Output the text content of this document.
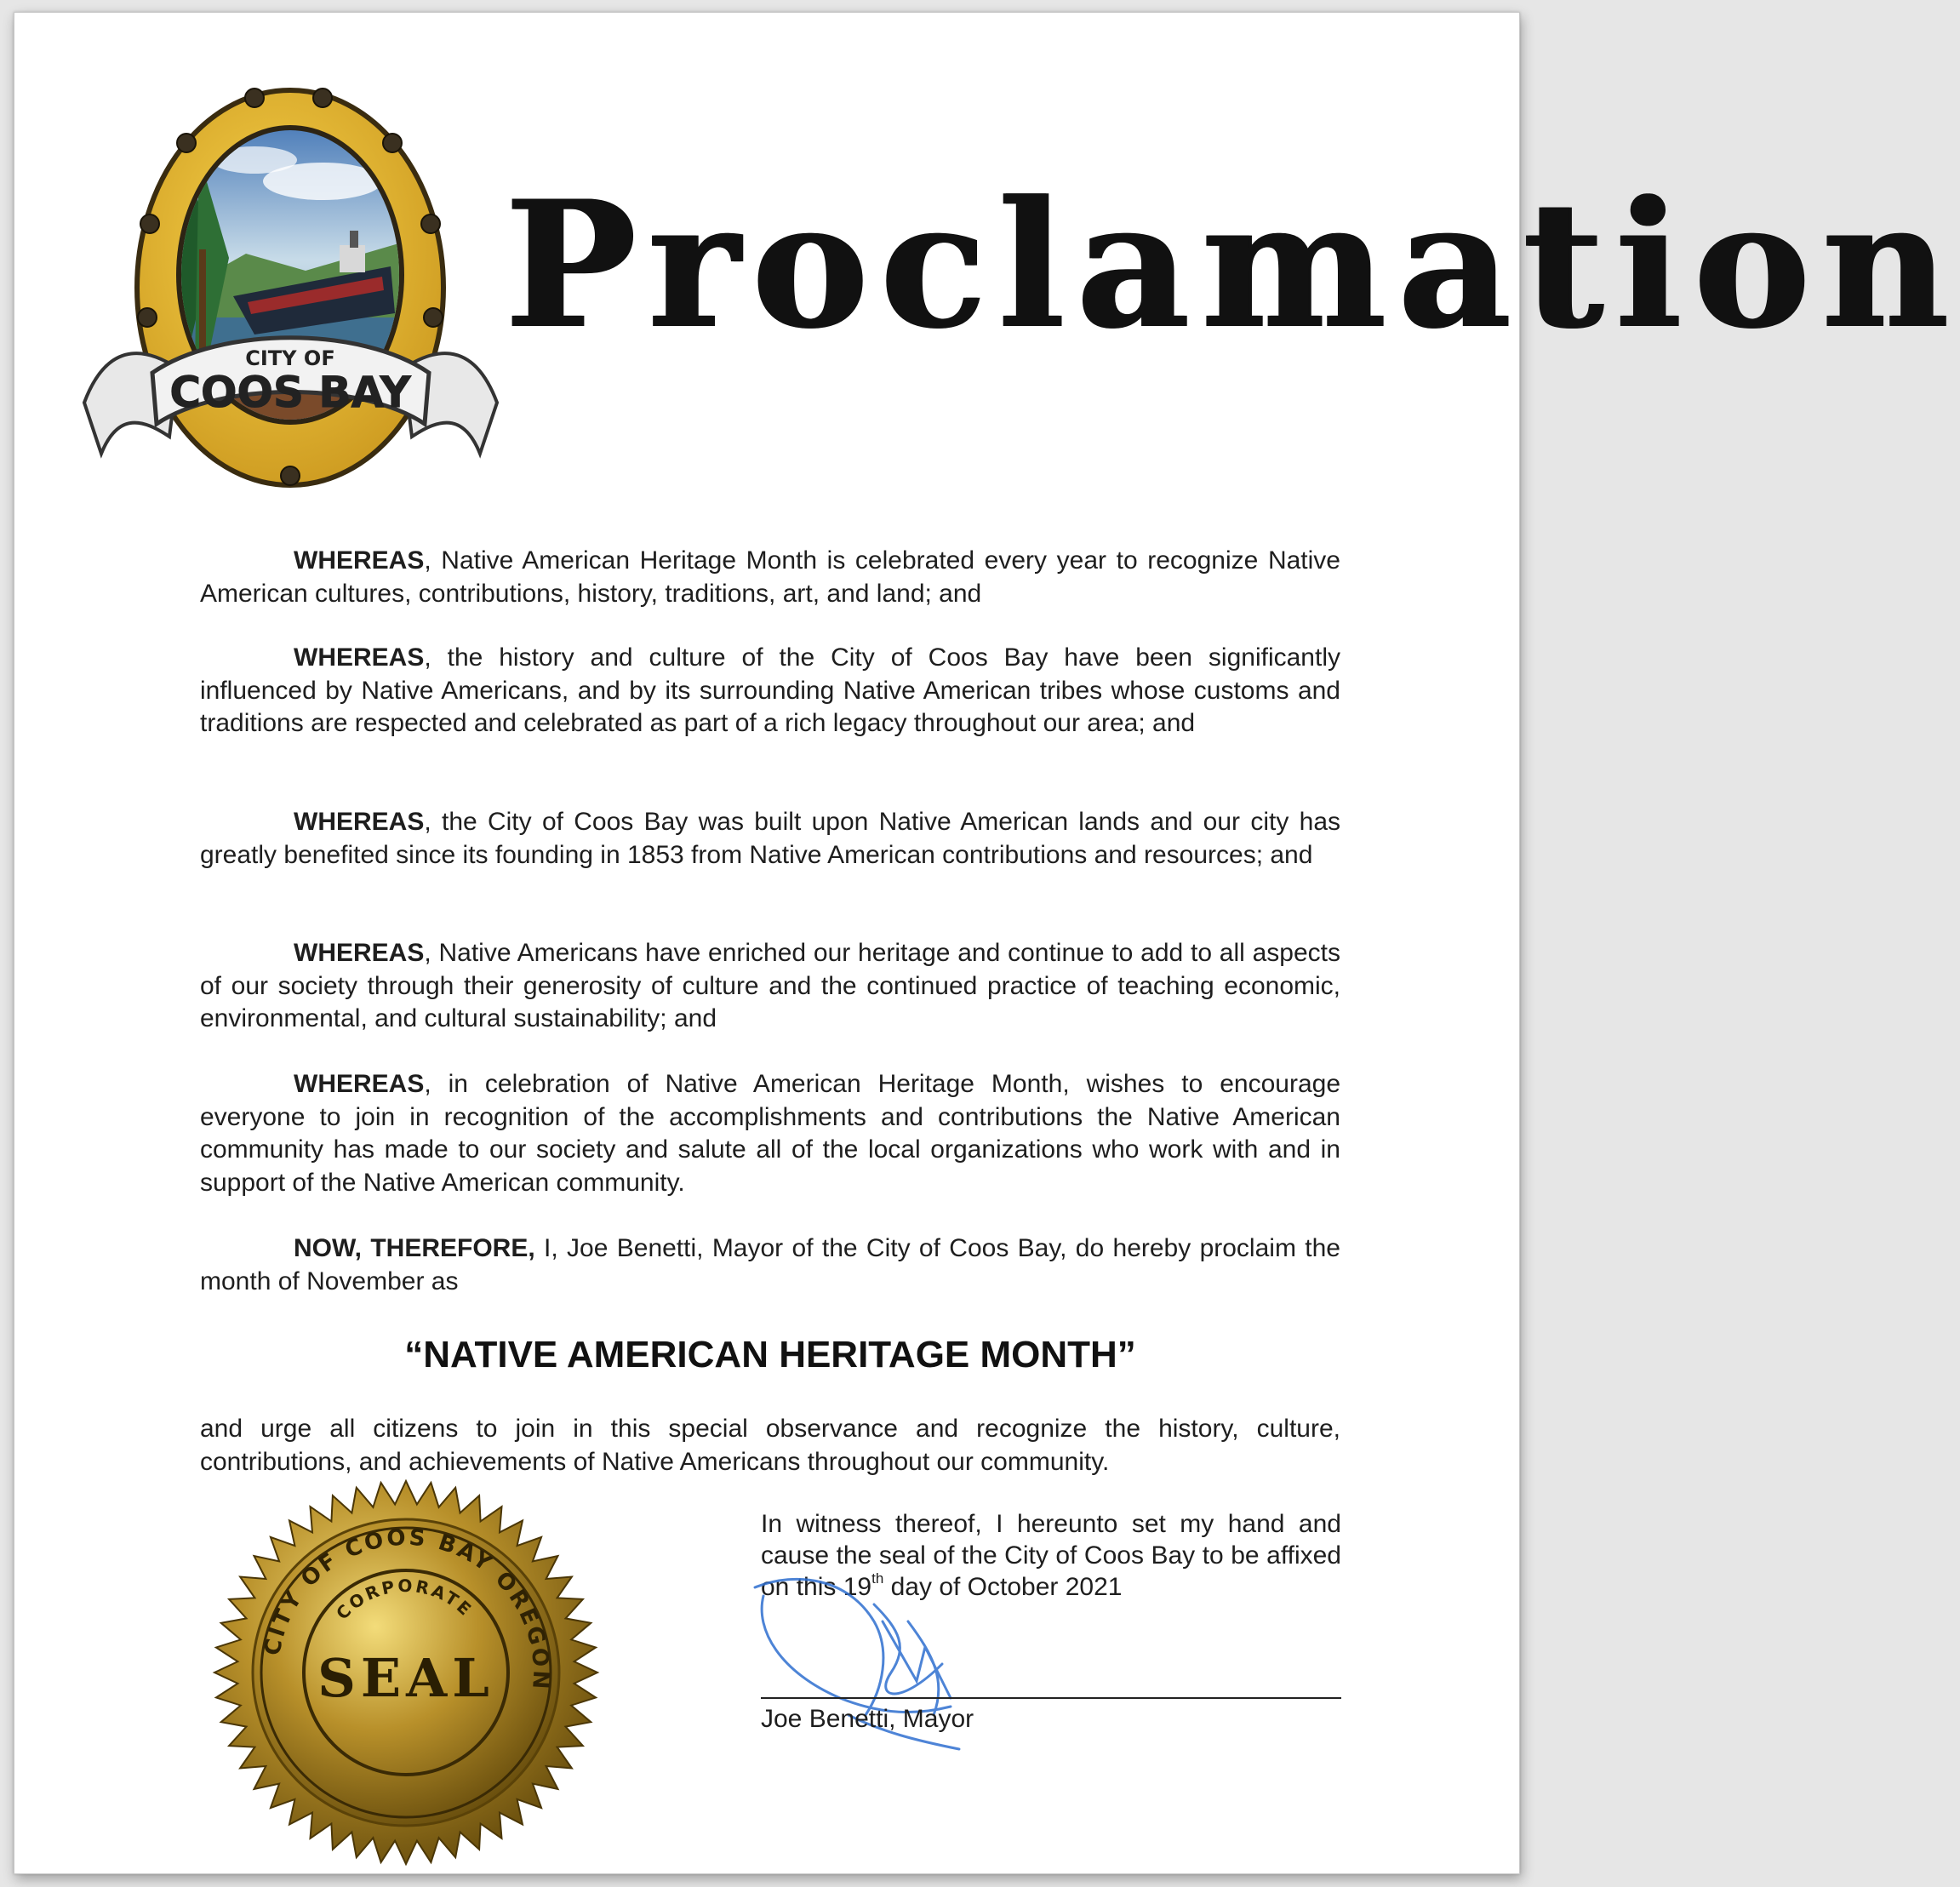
CITY OF
COOS BAY
Proclamation

WHEREAS, Native American Heritage Month is celebrated every year to recognize Native American cultures, contributions, history, traditions, art, and land; and

WHEREAS, the history and culture of the City of Coos Bay have been significantly influenced by Native Americans, and by its surrounding Native American tribes whose customs and traditions are respected and celebrated as part of a rich legacy throughout our area; and

WHEREAS, the City of Coos Bay was built upon Native American lands and our city has greatly benefited since its founding in 1853 from Native American contributions and resources; and

WHEREAS, Native Americans have enriched our heritage and continue to add to all aspects of our society through their generosity of culture and the continued practice of teaching economic, environmental, and cultural sustainability; and

WHEREAS, in celebration of Native American Heritage Month, wishes to encourage everyone to join in recognition of the accomplishments and contributions the Native American community has made to our society and salute all of the local organizations who work with and in support of the Native American community.

NOW, THEREFORE, I, Joe Benetti, Mayor of the City of Coos Bay, do hereby proclaim the month of November as

“NATIVE AMERICAN HERITAGE MONTH”

and urge all citizens to join in this special observance and recognize the history, culture, contributions, and achievements of Native Americans throughout our community.

CITY OF COOS BAY OREGON
CORPORATE
SEAL
In witness thereof, I hereunto set my hand and cause the seal of the City of Coos Bay to be affixed on this 19th day of October 2021
Joe Benetti, Mayor
